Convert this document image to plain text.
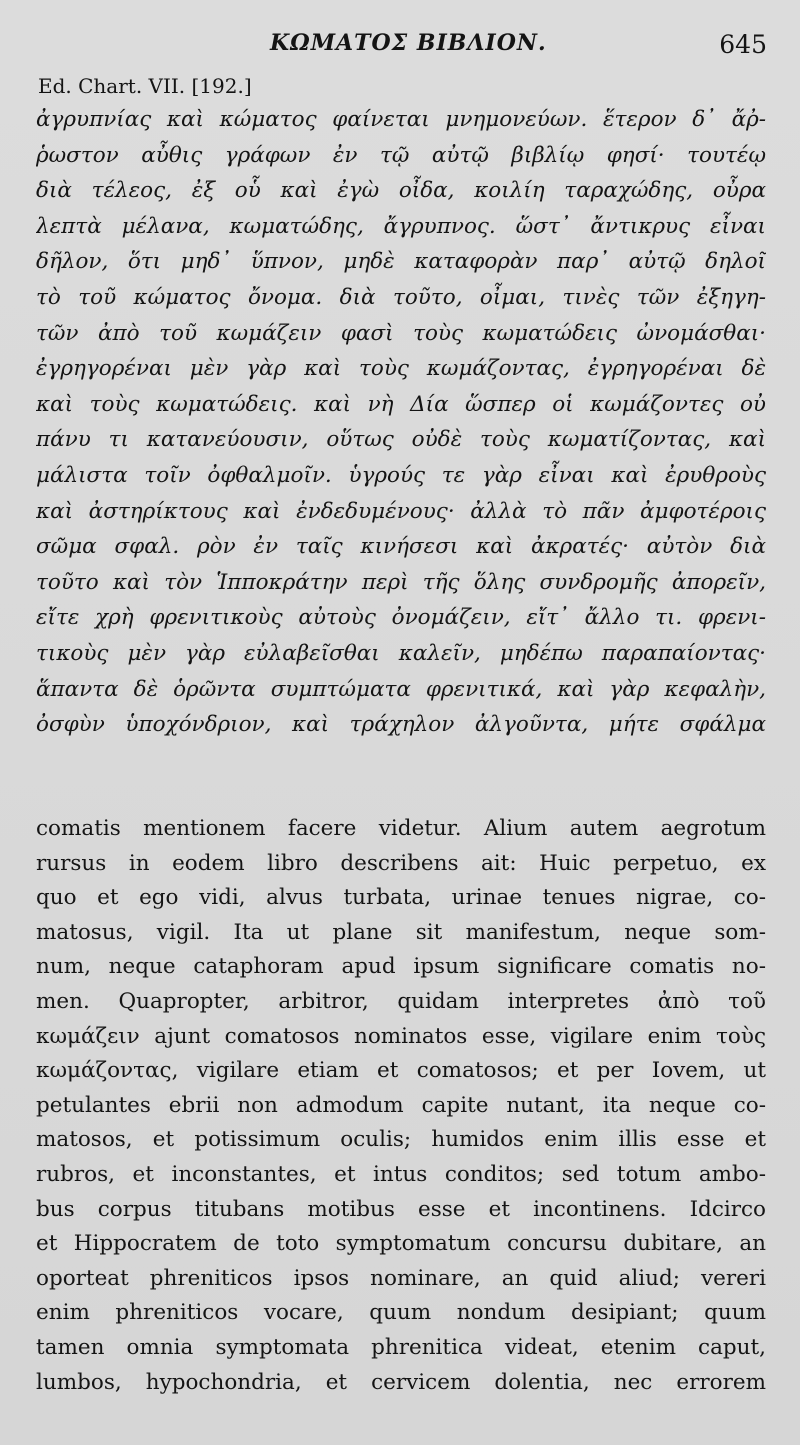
ΚΩΜΑΤΟΣ ΒΙΒΛΙΟΝ.	645
Ed. Chart. VII. [192.]
ἀγρυπνίας καὶ κώματος φαίνεται μνημονεύων. ἕτερον δ᾿ ἄῤ-
ῥωστον αὖθις γράφων ἐν τῷ αὐτῷ βιβλίῳ φησί· τουτέῳ
διὰ τέλεος, ἐξ οὗ καὶ ἐγὼ οἶδα, κοιλίη ταραχώδης, οὖρα
λεπτὰ μέλανα, κωματώδης, ἄγρυπνος. ὥστ᾿ ἄντικρυς εἶναι
δῆλον, ὅτι μηδ᾿ ὕπνον, μηδὲ καταφορὰν παρ᾿ αὐτῷ δηλοῖ
τὸ τοῦ κώματος ὄνομα. διὰ τοῦτο, οἶμαι, τινὲς τῶν ἐξηγη-
τῶν ἀπὸ τοῦ κωμάζειν φασὶ τοὺς κωματώδεις ὠνομάσθαι·
ἐγρηγορέναι μὲν γὰρ καὶ τοὺς κωμάζοντας, ἐγρηγορέναι δὲ
καὶ τοὺς κωματώδεις. καὶ νὴ Δία ὥσπερ οἱ κωμάζοντες οὐ
πάνυ τι κατανεύουσιν, οὕτως οὐδὲ τοὺς κωματίζοντας, καὶ
μάλιστα τοῖν ὀφθαλμοῖν. ὑγρούς τε γὰρ εἶναι καὶ ἐρυθροὺς
καὶ ἀστηρίκτους καὶ ἐνδεδυμένους· ἀλλὰ τὸ πᾶν ἀμφοτέροις
σῶμα σφαλ. ρὸν ἐν ταῖς κινήσεσι καὶ ἀκρατές· αὐτὸν διὰ
τοῦτο καὶ τὸν Ἱπποκράτην περὶ τῆς ὅλης συνδρομῆς ἀπορεῖν,
εἴτε χρὴ φρενιτικοὺς αὐτοὺς ὀνομάζειν, εἴτ᾿ ἄλλο τι. φρενι-
τικοὺς μὲν γὰρ εὐλαβεῖσθαι καλεῖν, μηδέπω παραπαίοντας·
ἅπαντα δὲ ὁρῶντα συμπτώματα φρενιτικά, καὶ γὰρ κεφαλὴν,
ὀσφὺν ὑποχόνδριον, καὶ τράχηλον ἀλγοῦντα, μήτε σφάλμα
comatis mentionem facere videtur. Alium autem aegrotum
rursus in eodem libro describens ait: Huic perpetuo, ex
quo et ego vidi, alvus turbata, urinae tenues nigrae, co-
matosus, vigil. Ita ut plane sit manifestum, neque som-
num, neque cataphoram apud ipsum significare comatis no-
men. Quapropter, arbitror, quidam interpretes ἀπὸ τοῦ
κωμάζειν ajunt comatosos nominatos esse, vigilare enim τοὺς
κωμάζοντας, vigilare etiam et comatosos; et per Iovem, ut
petulantes ebrii non admodum capite nutant, ita neque co-
matosos, et potissimum oculis; humidos enim illis esse et
rubros, et inconstantes, et intus conditos; sed totum ambo-
bus corpus titubans motibus esse et incontinens. Idcirco
et Hippocratem de toto symptomatum concursu dubitare, an
oporteat phreniticos ipsos nominare, an quid aliud; vereri
enim phreniticos vocare, quum nondum desipiant; quum
tamen omnia symptomata phrenitica videat, etenim caput,
lumbos, hypochondria, et cervicem dolentia, nec errorem
